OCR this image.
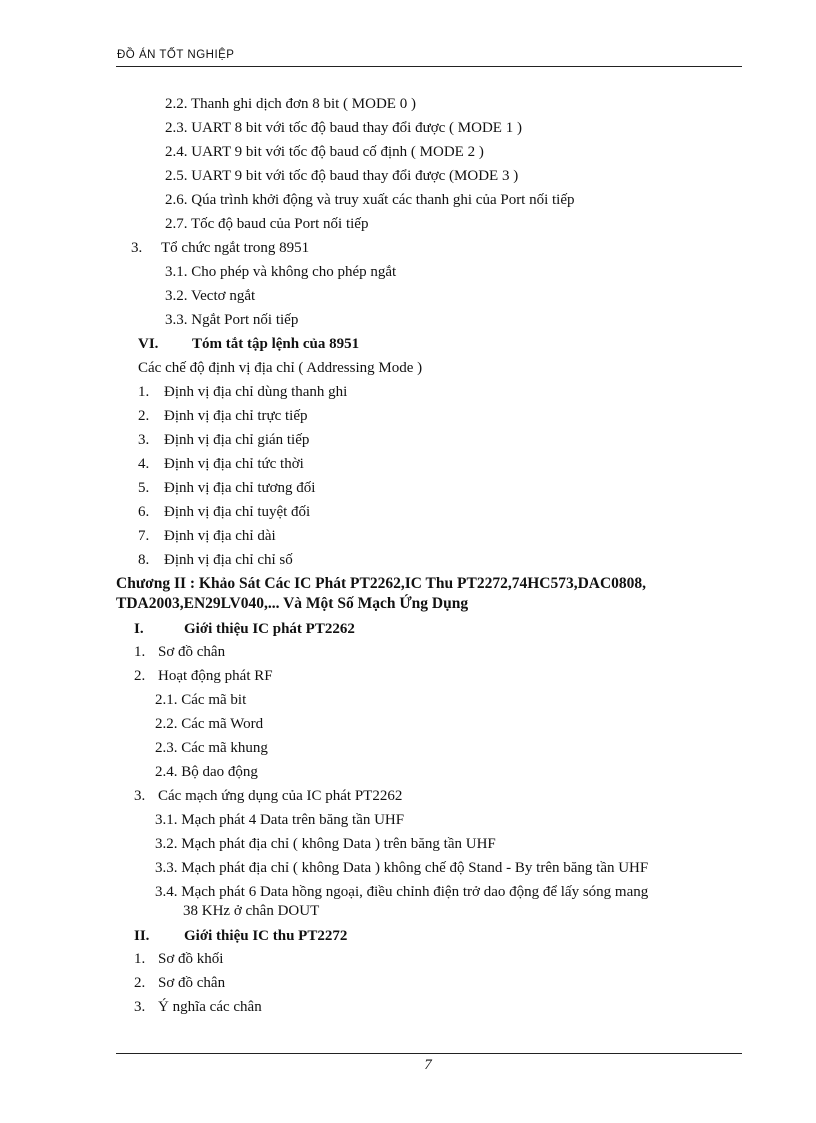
ĐỒ ÁN TỐT NGHIỆP
2.2. Thanh ghi dịch đơn 8 bit ( MODE 0 )
2.3. UART 8 bit với tốc độ baud thay đổi được ( MODE 1 )
2.4. UART 9 bit với tốc độ baud cố định ( MODE 2 )
2.5. UART 9 bit với tốc độ baud thay đổi được (MODE 3 )
2.6. Qúa trình khởi động và truy xuất các thanh ghi của Port nối tiếp
2.7. Tốc độ baud của Port nối tiếp
3. Tổ chức ngắt trong 8951
3.1. Cho phép và không cho phép ngắt
3.2. Vectơ ngắt
3.3. Ngắt Port nối tiếp
VI. Tóm tắt tập lệnh của 8951
Các chế độ định vị địa chỉ ( Addressing Mode )
1. Định vị địa chỉ dùng thanh ghi
2. Định vị địa chỉ trực tiếp
3. Định vị địa chỉ gián tiếp
4. Định vị địa chỉ tức thời
5. Định vị địa chỉ tương đối
6. Định vị địa chỉ tuyệt đối
7. Định vị địa chỉ dài
8. Định vị địa chỉ chỉ số
Chương II : Khảo Sát Các IC Phát PT2262,IC Thu PT2272,74HC573,DAC0808,
TDA2003,EN29LV040,... Và Một Số Mạch Ứng Dụng
I.	Giới thiệu IC phát PT2262
1. Sơ đồ chân
2. Hoạt động phát RF
2.1. Các mã bit
2.2. Các mã Word
2.3. Các mã khung
2.4. Bộ dao động
3. Các mạch ứng dụng của IC phát PT2262
3.1. Mạch phát 4 Data trên băng tần UHF
3.2. Mạch phát địa chỉ ( không Data ) trên băng tần UHF
3.3. Mạch phát địa chỉ ( không Data ) không chế độ Stand - By trên băng tần UHF
3.4. Mạch phát 6 Data hồng ngoại, điều chỉnh điện trở dao động để lấy sóng mang
38 KHz ở chân DOUT
II. Giới thiệu IC thu PT2272
1. Sơ đồ khối
2. Sơ đồ chân
3. Ý nghĩa các chân
7
